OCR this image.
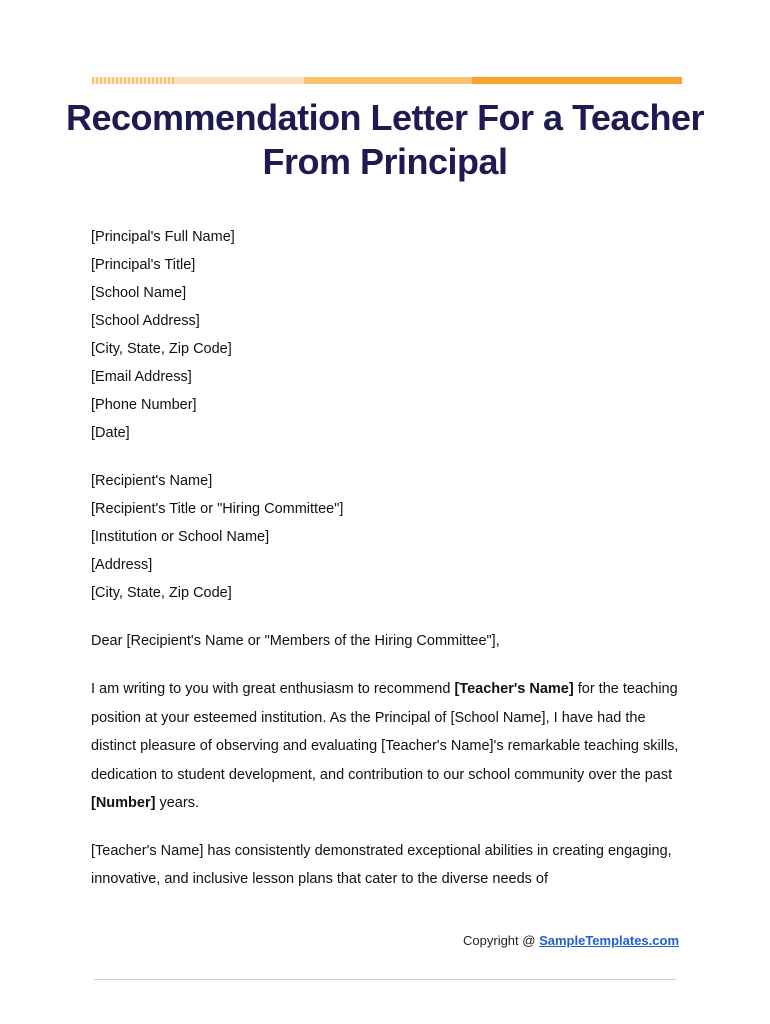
Recommendation Letter For a Teacher From Principal
[Principal's Full Name]
[Principal's Title]
[School Name]
[School Address]
[City, State, Zip Code]
[Email Address]
[Phone Number]
[Date]
[Recipient's Name]
[Recipient's Title or "Hiring Committee"]
[Institution or School Name]
[Address]
[City, State, Zip Code]
Dear [Recipient's Name or "Members of the Hiring Committee"],

I am writing to you with great enthusiasm to recommend [Teacher's Name] for the teaching position at your esteemed institution. As the Principal of [School Name], I have had the distinct pleasure of observing and evaluating [Teacher's Name]'s remarkable teaching skills, dedication to student development, and contribution to our school community over the past [Number] years.

[Teacher's Name] has consistently demonstrated exceptional abilities in creating engaging, innovative, and inclusive lesson plans that cater to the diverse needs of

Copyright @ SampleTemplates.com
